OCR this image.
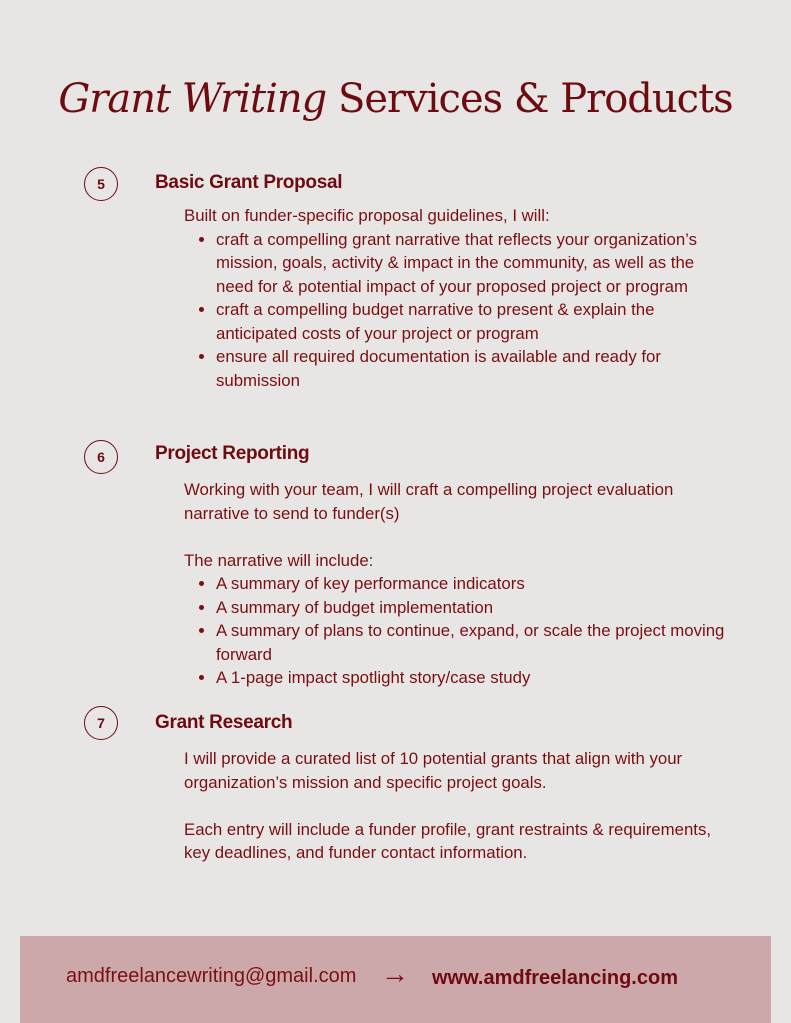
Grant Writing Services & Products
5	Basic Grant Proposal

Built on funder-specific proposal guidelines, I will:

• craft a compelling grant narrative that reflects your organization’s mission, goals, activity & impact in the community, as well as the need for & potential impact of your proposed project or program
• craft a compelling budget narrative to present & explain the anticipated costs of your project or program
• ensure all required documentation is available and ready for submission
6	Project Reporting

Working with your team, I will craft a compelling project evaluation narrative to send to funder(s)

The narrative will include:

• A summary of key performance indicators
• A summary of budget implementation
• A summary of plans to continue, expand, or scale the project moving forward
• A 1-page impact spotlight story/case study
7	Grant Research

I will provide a curated list of 10 potential grants that align with your organization’s mission and specific project goals.

Each entry will include a funder profile, grant restraints & requirements, key deadlines, and funder contact information.

amdfreelancewriting@gmail.com → www.amdfreelancing.com
